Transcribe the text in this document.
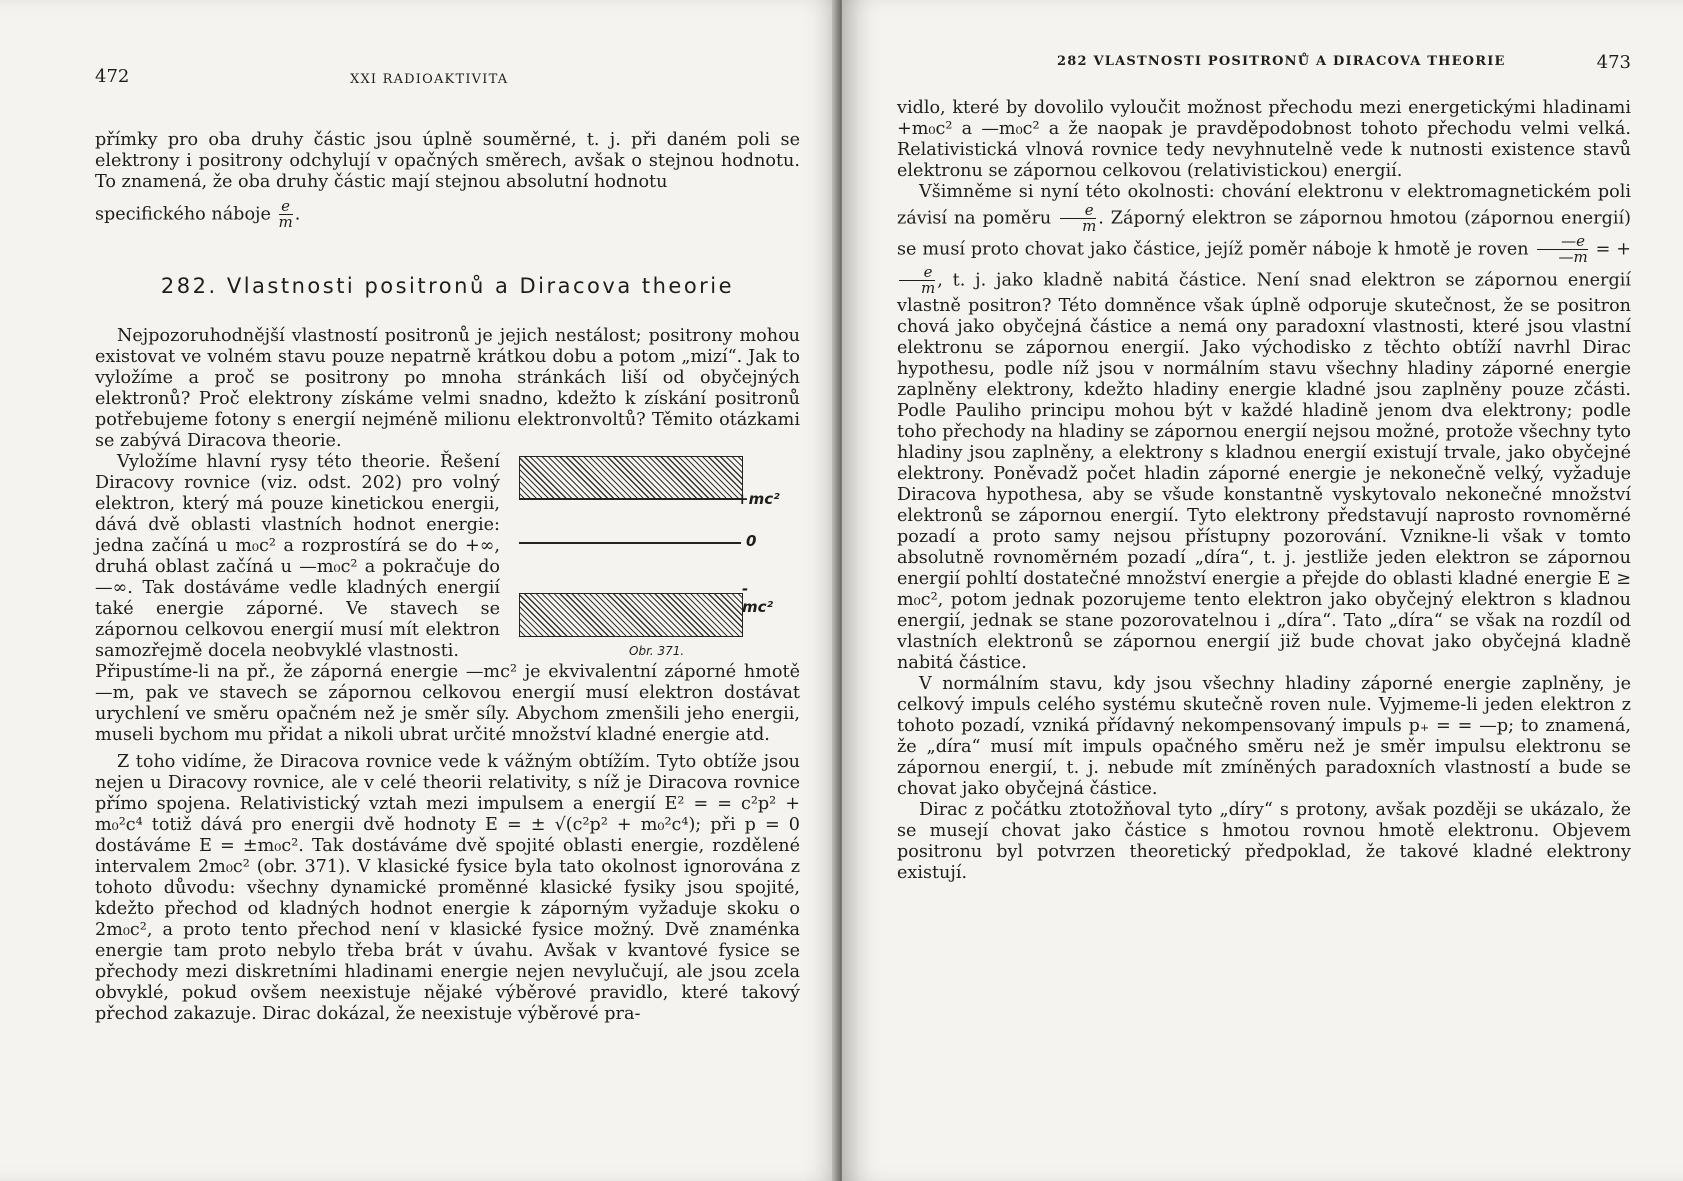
472	XXI RADIOAKTIVITA

přímky pro oba druhy částic jsou úplně souměrné, t. j. při daném poli se elektrony i positrony odchylují v opačných směrech, avšak o stejnou hodnotu. To znamená, že oba druhy částic mají stejnou absolutní hodnotu

specifického náboje $\frac{e}{m}$ .

282. Vlastnosti positronů a Diracova theorie

Nejpozoruhodnější vlastností positronů je jejich nestálost; positrony mohou existovat ve volném stavu pouze nepatrně krátkou dobu a potom „mizí“. Jak to vyložíme a proč se positrony po mnoha stránkách liší od obyčejných elektronů? Proč elektrony získáme velmi snadno, kdežto k získání positronů potřebujeme fotony s energií nejméně milionu elektronvoltů? Těmito otázkami se zabývá Diracova theorie.

Vyložíme hlavní rysy této theorie. Řešení Diracovy rovnice (viz. odst. 202) pro volný elektron, který má pouze kinetickou energii, dává dvě oblasti vlastních hodnot energie: jedna začíná u m₀c² a rozprostírá se do +∞, druhá oblast začíná u —m₀c² a pokračuje do —∞. Tak dostáváme vedle kladných energií také energie záporné. Ve stavech se zápornou celkovou energií musí mít elektron samozřejmě docela neobvyklé vlastnosti.

+mc²
0
- mc²
Obr. 371.

Připustíme-li na př., že záporná energie —mc² je ekvivalentní záporné hmotě —m, pak ve stavech se zápornou celkovou energií musí elektron dostávat urychlení ve směru opačném než je směr síly. Abychom zmenšili jeho energii, museli bychom mu přidat a nikoli ubrat určité množství kladné energie atd.

Z toho vidíme, že Diracova rovnice vede k vážným obtížím. Tyto obtíže jsou nejen u Diracovy rovnice, ale v celé theorii relativity, s níž je Diracova rovnice přímo spojena. Relativistický vztah mezi impulsem a energií E² = = c²p² + m₀²c⁴ totiž dává pro energii dvě hodnoty E = ± √(c²p² + m₀²c⁴); při p = 0 dostáváme E = ±m₀c². Tak dostáváme dvě spojité oblasti energie, rozdělené intervalem 2m₀c² (obr. 371). V klasické fysice byla tato okolnost ignorována z tohoto důvodu: všechny dynamické proměnné klasické fysiky jsou spojité, kdežto přechod od kladných hodnot energie k záporným vyžaduje skoku o 2m₀c², a proto tento přechod není v klasické fysice možný. Dvě znaménka energie tam proto nebylo třeba brát v úvahu. Avšak v kvantové fysice se přechody mezi diskretními hladinami energie nejen nevylučují, ale jsou zcela obvyklé, pokud ovšem neexistuje nějaké výběrové pravidlo, které takový přechod zakazuje. Dirac dokázal, že neexistuje výběrové pra-

282 VLASTNOSTI POSITRONŮ A DIRACOVA THEORIE	473

vidlo, které by dovolilo vyloučit možnost přechodu mezi energetickými hladinami +m₀c² a —m₀c² a že naopak je pravděpodobnost tohoto přechodu velmi velká. Relativistická vlnová rovnice tedy nevyhnutelně vede k nutnosti existence stavů elektronu se zápornou celkovou (relativistickou) energií.

Všimněme si nyní této okolnosti: chování elektronu v elektromagnetickém poli závisí na poměru $\frac{e}{m}$ . Záporný elektron se zápornou hmotou (zápornou energií) se musí proto chovat jako částice, jejíž poměr náboje k hmotě je roven $\frac{—e}{—m}$ = +
$\frac{e}{m}$ , t. j. jako kladně nabitá částice. Není snad elektron se zápornou energií vlastně positron? Této domněnce však úplně odporuje skutečnost, že se positron chová jako obyčejná částice a nemá ony paradoxní vlastnosti, které jsou vlastní elektronu se zápornou energií. Jako východisko z těchto obtíží navrhl Dirac hypothesu, podle níž jsou v normálním stavu všechny hladiny záporné energie zaplněny elektrony, kdežto hladiny energie kladné jsou zaplněny pouze zčásti. Podle Pauliho principu mohou být v každé hladině jenom dva elektrony; podle toho přechody na hladiny se zápornou energií nejsou možné, protože všechny tyto hladiny jsou zaplněny, a elektrony s kladnou energií existují trvale, jako obyčejné elektrony. Poněvadž počet hladin záporné energie je nekonečně velký, vyžaduje Diracova hypothesa, aby se všude konstantně vyskytovalo nekonečné množství elektronů se zápornou energií. Tyto elektrony představují naprosto rovnoměrné pozadí a proto samy nejsou přístupny pozorování. Vznikne-li však v tomto absolutně rovnoměrném pozadí „díra“, t. j. jestliže jeden elektron se zápornou energií pohltí dostatečné množství energie a přejde do oblasti kladné energie E ≥ m₀c², potom jednak pozorujeme tento elektron jako obyčejný elektron s kladnou energií, jednak se stane pozorovatelnou i „díra“. Tato „díra“ se však na rozdíl od vlastních elektronů se zápornou energií již bude chovat jako obyčejná kladně nabitá částice.

V normálním stavu, kdy jsou všechny hladiny záporné energie zaplněny, je celkový impuls celého systému skutečně roven nule. Vyjmeme-li jeden elektron z tohoto pozadí, vzniká přídavný nekompensovaný impuls p₊ = = —p; to znamená, že „díra“ musí mít impuls opačného směru než je směr impulsu elektronu se zápornou energií, t. j. nebude mít zmíněných paradoxních vlastností a bude se chovat jako obyčejná částice.

Dirac z počátku ztotožňoval tyto „díry“ s protony, avšak později se ukázalo, že se musejí chovat jako částice s hmotou rovnou hmotě elektronu. Objevem positronu byl potvrzen theoretický předpoklad, že takové kladné elektrony existují.
